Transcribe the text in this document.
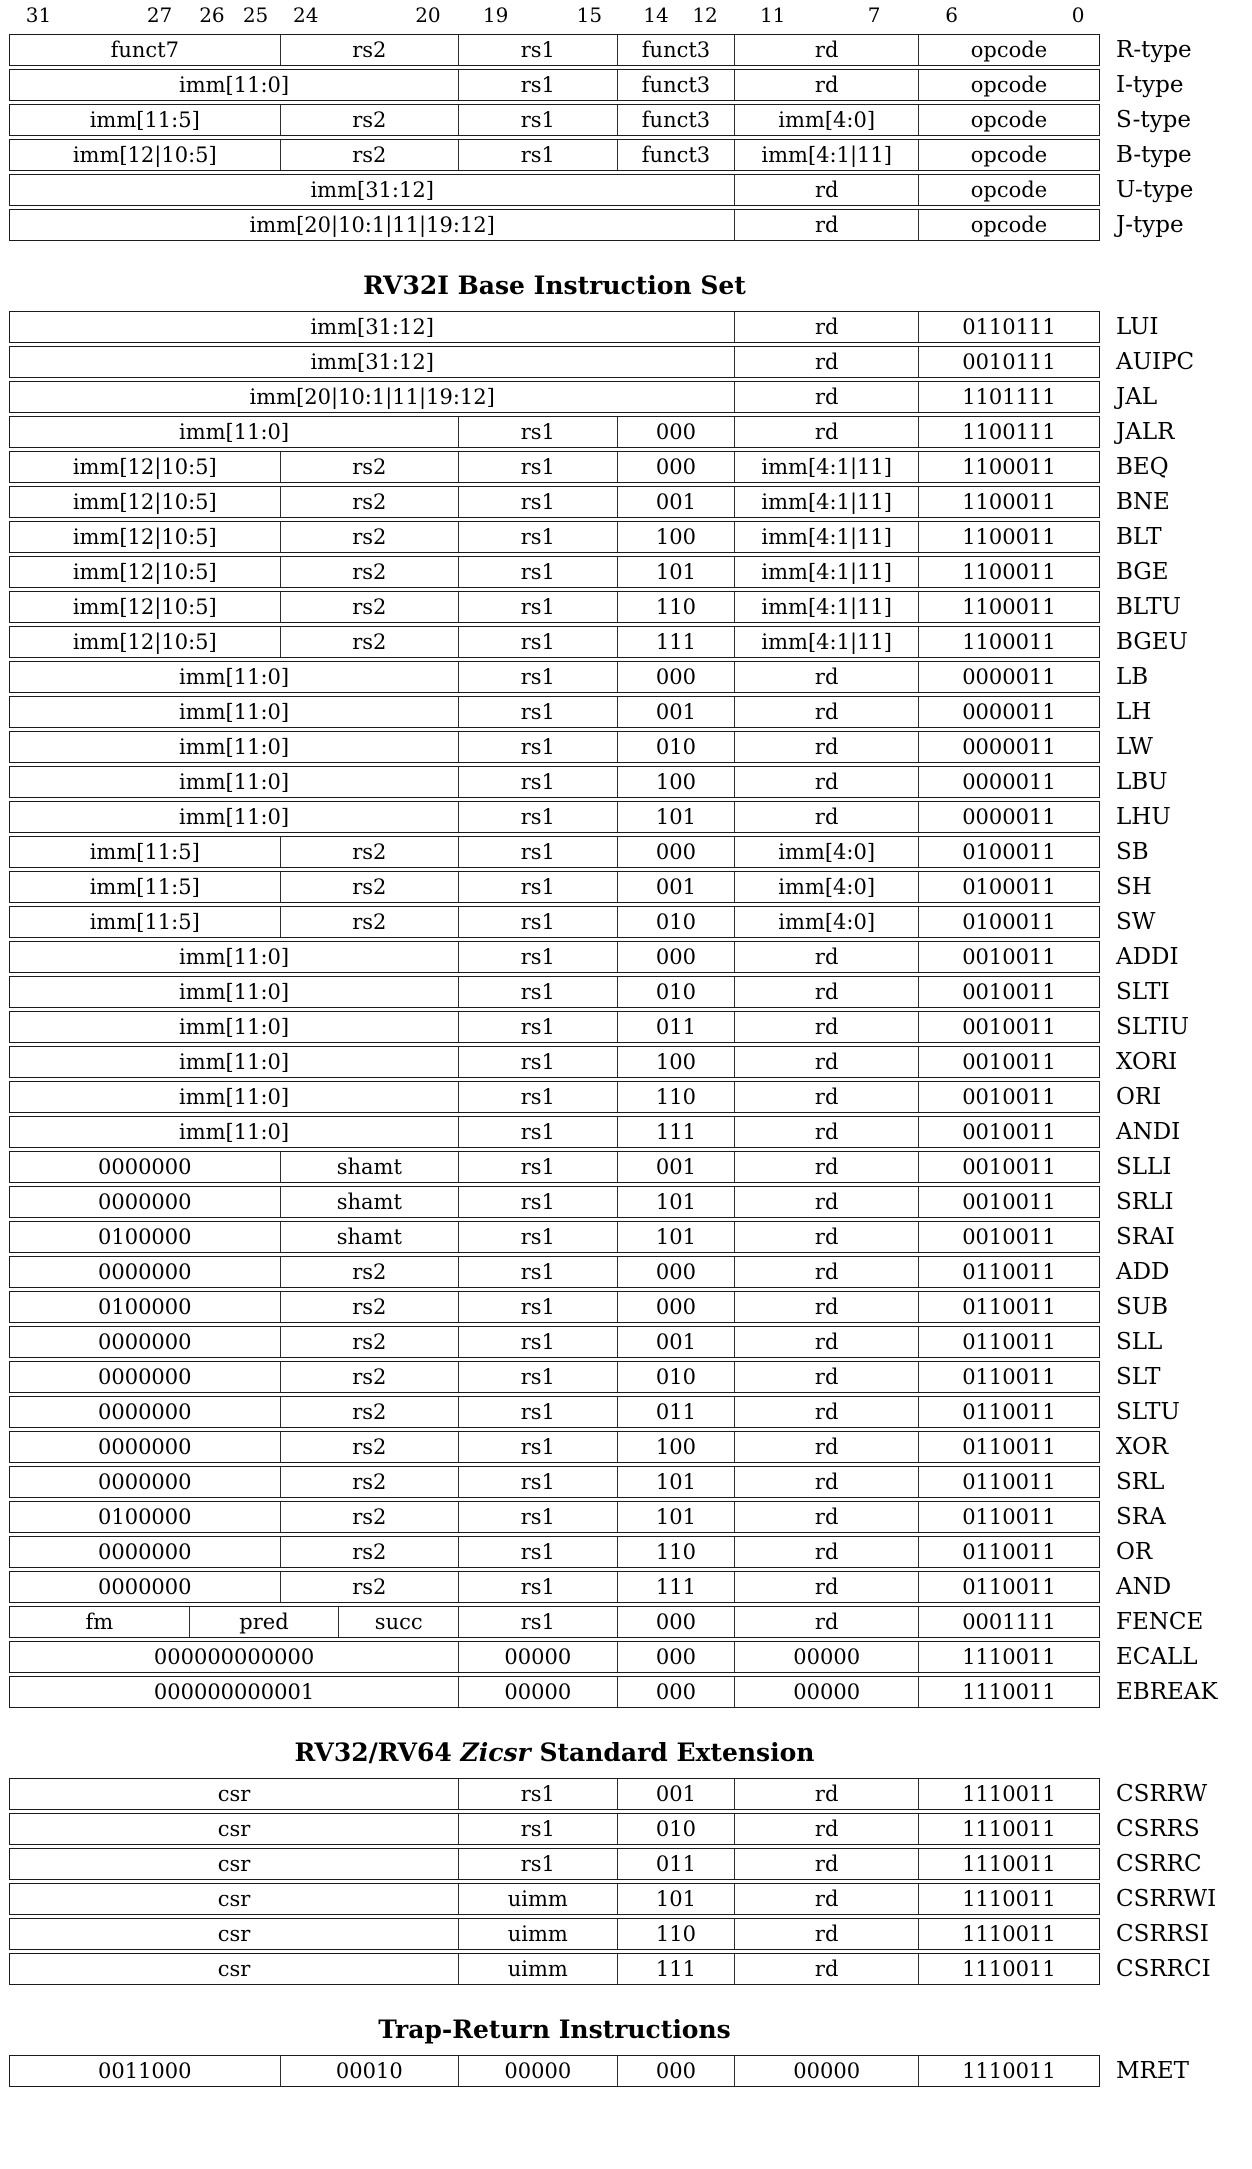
31	27 26 25 24	20 19	15 14 12 11	7	6	0
funct7	rs2	rs1	funct3	rd	opcode	R-type
imm[11:0]	rs1	funct3	rd	opcode	I-type
imm[11:5]	rs2	rs1	funct3	imm[4:0]	opcode	S-type
imm[12|10:5]	rs2	rs1	funct3	imm[4:1|11]	opcode	B-type
imm[31:12]	rd	opcode	U-type
imm[20|10:1|11|19:12]	rd	opcode	J-type
RV32I Base Instruction Set
imm[31:12]	rd	0110111	LUI
imm[31:12]	rd	0010111	AUIPC
imm[20|10:1|11|19:12]	rd	1101111	JAL
imm[11:0]	rs1	000	rd	1100111	JALR
imm[12|10:5]	rs2	rs1	000	imm[4:1|11]	1100011	BEQ
imm[12|10:5]	rs2	rs1	001	imm[4:1|11]	1100011	BNE
imm[12|10:5]	rs2	rs1	100	imm[4:1|11]	1100011	BLT
imm[12|10:5]	rs2	rs1	101	imm[4:1|11]	1100011	BGE
imm[12|10:5]	rs2	rs1	110	imm[4:1|11]	1100011	BLTU
imm[12|10:5]	rs2	rs1	111	imm[4:1|11]	1100011	BGEU
imm[11:0]	rs1	000	rd	0000011	LB
imm[11:0]	rs1	001	rd	0000011	LH
imm[11:0]	rs1	010	rd	0000011	LW
imm[11:0]	rs1	100	rd	0000011	LBU
imm[11:0]	rs1	101	rd	0000011	LHU
imm[11:5]	rs2	rs1	000	imm[4:0]	0100011	SB
imm[11:5]	rs2	rs1	001	imm[4:0]	0100011	SH
imm[11:5]	rs2	rs1	010	imm[4:0]	0100011	SW
imm[11:0]	rs1	000	rd	0010011	ADDI
imm[11:0]	rs1	010	rd	0010011	SLTI
imm[11:0]	rs1	011	rd	0010011	SLTIU
imm[11:0]	rs1	100	rd	0010011	XORI
imm[11:0]	rs1	110	rd	0010011	ORI
imm[11:0]	rs1	111	rd	0010011	ANDI
0000000	shamt	rs1	001	rd	0010011	SLLI
0000000	shamt	rs1	101	rd	0010011	SRLI
0100000	shamt	rs1	101	rd	0010011	SRAI
0000000	rs2	rs1	000	rd	0110011	ADD
0100000	rs2	rs1	000	rd	0110011	SUB
0000000	rs2	rs1	001	rd	0110011	SLL
0000000	rs2	rs1	010	rd	0110011	SLT
0000000	rs2	rs1	011	rd	0110011	SLTU
0000000	rs2	rs1	100	rd	0110011	XOR
0000000	rs2	rs1	101	rd	0110011	SRL
0100000	rs2	rs1	101	rd	0110011	SRA
0000000	rs2	rs1	110	rd	0110011	OR
0000000	rs2	rs1	111	rd	0110011	AND
fm	pred	succ	rs1	000	rd	0001111	FENCE
000000000000	00000	000	00000	1110011	ECALL
000000000001	00000	000	00000	1110011	EBREAK
RV32/RV64 Zicsr Standard Extension
csr	rs1	001	rd	1110011	CSRRW
csr	rs1	010	rd	1110011	CSRRS
csr	rs1	011	rd	1110011	CSRRC
csr	uimm	101	rd	1110011	CSRRWI
csr	uimm	110	rd	1110011	CSRRSI
csr	uimm	111	rd	1110011	CSRRCI
Trap-Return Instructions
0011000	00010	00000	000	00000	1110011	MRET
